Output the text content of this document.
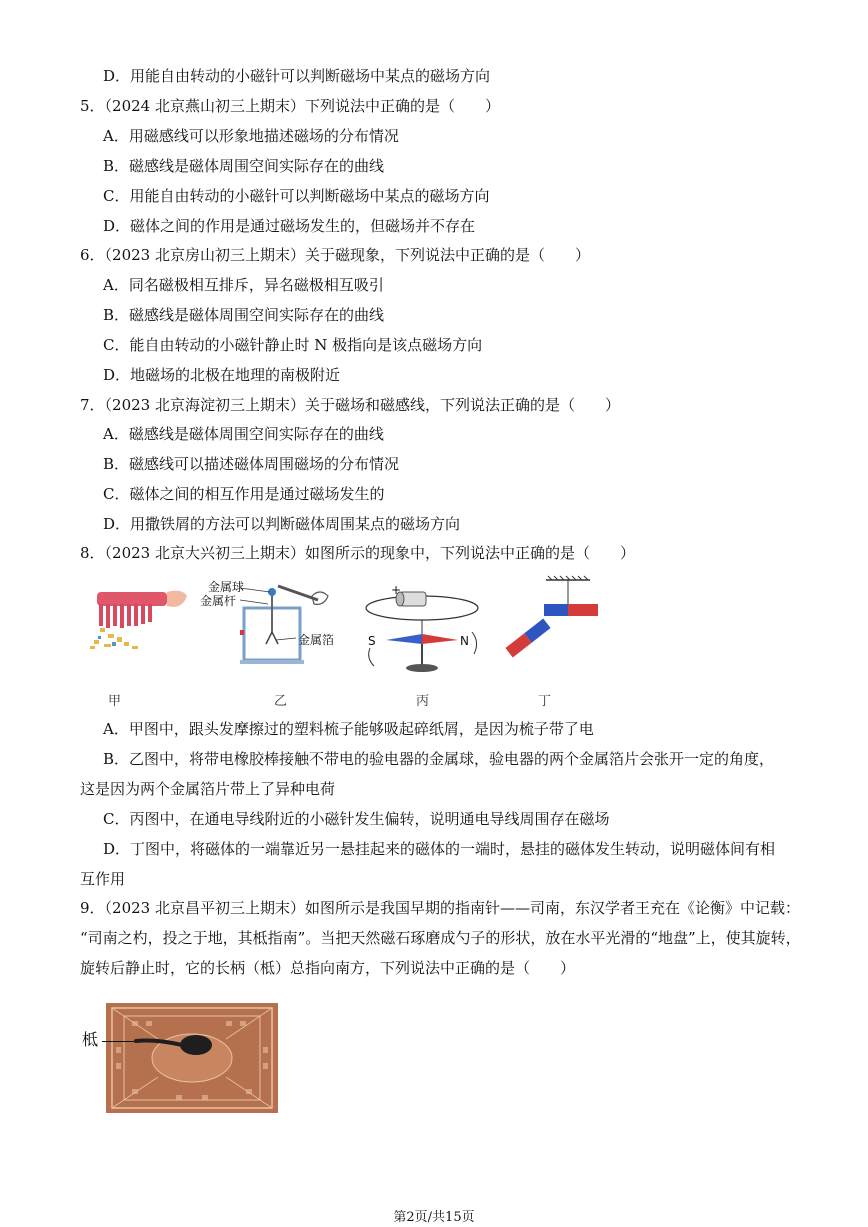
D．用能自由转动的小磁针可以判断磁场中某点的磁场方向
5．（2024 北京燕山初三上期末）下列说法中正确的是（　　）
A．用磁感线可以形象地描述磁场的分布情况
B．磁感线是磁体周围空间实际存在的曲线
C．用能自由转动的小磁针可以判断磁场中某点的磁场方向
D．磁体之间的作用是通过磁场发生的，但磁场并不存在
6．（2023 北京房山初三上期末）关于磁现象，下列说法中正确的是（　　）
A．同名磁极相互排斥，异名磁极相互吸引
B．磁感线是磁体周围空间实际存在的曲线
C．能自由转动的小磁针静止时 N 极指向是该点磁场方向
D．地磁场的北极在地理的南极附近
7．（2023 北京海淀初三上期末）关于磁场和磁感线，下列说法正确的是（　　）
A．磁感线是磁体周围空间实际存在的曲线
B．磁感线可以描述磁体周围磁场的分布情况
C．磁体之间的相互作用是通过磁场发生的
D．用撒铁屑的方法可以判断磁体周围某点的磁场方向
8．（2023 北京大兴初三上期末）如图所示的现象中，下列说法中正确的是（　　）
A．甲图中，跟头发摩擦过的塑料梳子能够吸起碎纸屑，是因为梳子带了电
B．乙图中，将带电橡胶棒接触不带电的验电器的金属球，验电器的两个金属箔片会张开一定的角度，
这是因为两个金属箔片带上了异种电荷
C．丙图中，在通电导线附近的小磁针发生偏转，说明通电导线周围存在磁场
D．丁图中，将磁体的一端靠近另一悬挂起来的磁体的一端时，悬挂的磁体发生转动，说明磁体间有相
互作用
9．（2023 北京昌平初三上期末）如图所示是我国早期的指南针——司南，东汉学者王充在《论衡》中记载：
“司南之杓，投之于地，其柢指南”。当把天然磁石琢磨成勺子的形状，放在水平光滑的“地盘”上，使其旋转，
旋转后静止时，它的长柄（柢）总指向南方，下列说法中正确的是（　　）
甲
金属球
金属杆
金属箔
乙
+
S	N
丙	丁
柢
第2页/共15页
